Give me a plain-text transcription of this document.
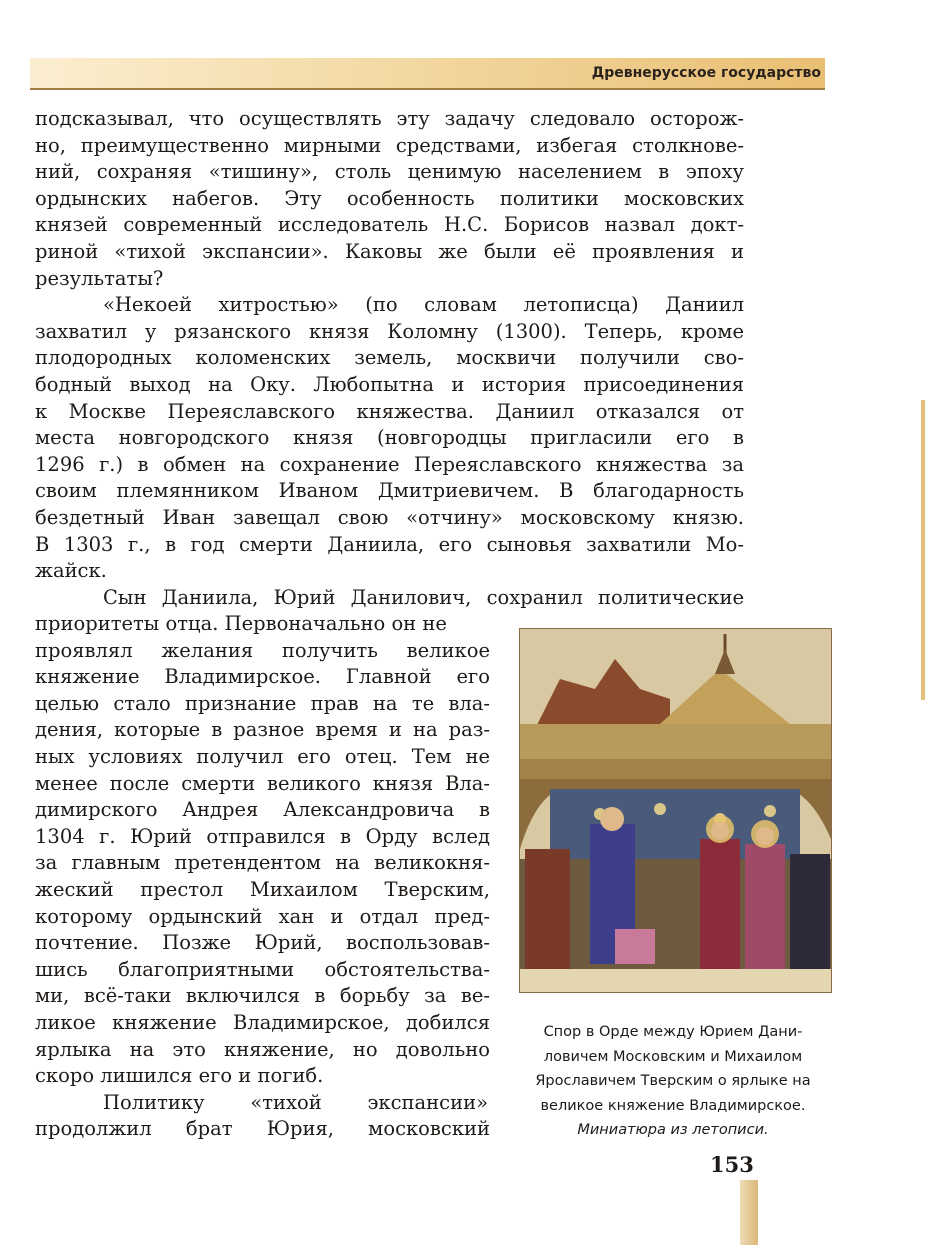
Древнерусское государство
подсказывал, что осуществлять эту задачу следовало осторож-
но, преимущественно мирными средствами, избегая столкнове-
ний, сохраняя «тишину», столь ценимую населением в эпоху
ордынских набегов. Эту особенность политики московских
князей современный исследователь Н.С. Борисов назвал докт-
риной «тихой экспансии». Каковы же были её проявления и
результаты?
«Некоей хитростью» (по словам летописца) Даниил
захватил у рязанского князя Коломну (1300). Теперь, кроме
плодородных коломенских земель, москвичи получили сво-
бодный выход на Оку. Любопытна и история присоединения
к Москве Переяславского княжества. Даниил отказался от
места новгородского князя (новгородцы пригласили его в
1296 г.) в обмен на сохранение Переяславского княжества за
своим племянником Иваном Дмитриевичем. В благодарность
бездетный Иван завещал свою «отчину» московскому князю.
В 1303 г., в год смерти Даниила, его сыновья захватили Мо-
жайск.
Сын Даниила, Юрий Данилович, сохранил политические
приоритеты отца. Первоначально он не
проявлял желания получить великое
княжение Владимирское. Главной его
целью стало признание прав на те вла-
дения, которые в разное время и на раз-
ных условиях получил его отец. Тем не
менее после смерти великого князя Вла-
димирского Андрея Александровича в
1304 г. Юрий отправился в Орду вслед
за главным претендентом на великокня-
жеский престол Михаилом Тверским,
которому ордынский хан и отдал пред-
почтение. Позже Юрий, воспользовав-
шись благоприятными обстоятельства-
ми, всё-таки включился в борьбу за ве-
ликое княжение Владимирское, добился
ярлыка на это княжение, но довольно
скоро лишился его и погиб.
Политику «тихой экспансии»
продолжил брат Юрия, московский
Спор в Орде между Юрием Дани-
ловичем Московским и Михаилом
Ярославичем Тверским о ярлыке на
великое княжение Владимирское.
Миниатюра из летописи.
153
